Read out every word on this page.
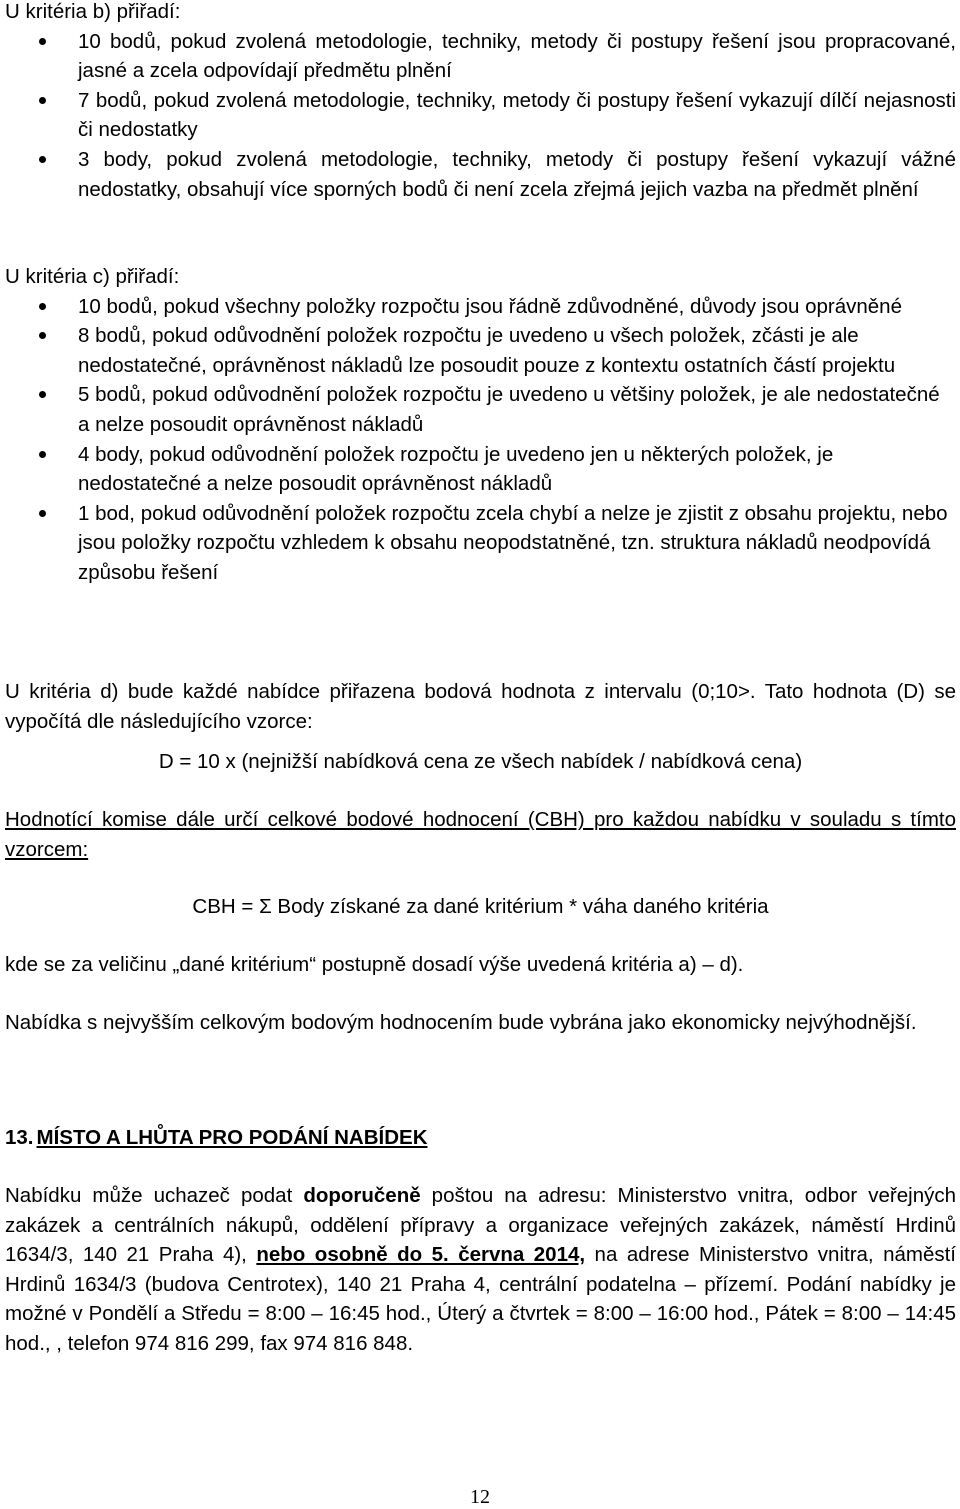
U kritéria b) přiřadí:

10 bodů, pokud zvolená metodologie, techniky, metody či postupy řešení jsou propracované, jasné a zcela odpovídají předmětu plnění
7 bodů, pokud zvolená metodologie, techniky, metody či postupy řešení vykazují dílčí nejasnosti či nedostatky
3 body, pokud zvolená metodologie, techniky, metody či postupy řešení vykazují vážné nedostatky, obsahují více sporných bodů či není zcela zřejmá jejich vazba na předmět plnění

U kritéria c) přiřadí:

10 bodů, pokud všechny položky rozpočtu jsou řádně zdůvodněné, důvody jsou oprávněné
8 bodů, pokud odůvodnění položek rozpočtu je uvedeno u všech položek, zčásti je ale nedostatečné, oprávněnost nákladů lze posoudit pouze z kontextu ostatních částí projektu
5 bodů, pokud odůvodnění položek rozpočtu je uvedeno u většiny položek, je ale nedostatečné a nelze posoudit oprávněnost nákladů
4 body, pokud odůvodnění položek rozpočtu je uvedeno jen u některých položek, je nedostatečné a nelze posoudit oprávněnost nákladů
1 bod, pokud odůvodnění položek rozpočtu zcela chybí a nelze je zjistit z obsahu projektu, nebo jsou položky rozpočtu vzhledem k obsahu neopodstatněné, tzn. struktura nákladů neodpovídá způsobu řešení

U kritéria d) bude každé nabídce přiřazena bodová hodnota z intervalu (0;10>. Tato hodnota (D) se vypočítá dle následujícího vzorce:

D = 10 x (nejnižší nabídková cena ze všech nabídek / nabídková cena)

Hodnotící komise dále určí celkové bodové hodnocení (CBH) pro každou nabídku v souladu s tímto vzorcem:

CBH = Σ Body získané za dané kritérium * váha daného kritéria

kde se za veličinu „dané kritérium“ postupně dosadí výše uvedená kritéria a) – d).

Nabídka s nejvyšším celkovým bodovým hodnocením bude vybrána jako ekonomicky nejvýhodnější.

13. MÍSTO A LHŮTA PRO PODÁNÍ NABÍDEK

Nabídku může uchazeč podat doporučeně poštou na adresu: Ministerstvo vnitra, odbor veřejných zakázek a centrálních nákupů, oddělení přípravy a organizace veřejných zakázek, náměstí Hrdinů 1634/3, 140 21 Praha 4), nebo osobně do 5. června 2014, na adrese Ministerstvo vnitra, náměstí Hrdinů 1634/3 (budova Centrotex), 140 21 Praha 4, centrální podatelna – přízemí. Podání nabídky je možné v Pondělí a Středu = 8:00 – 16:45 hod., Úterý a čtvrtek = 8:00 – 16:00 hod., Pátek = 8:00 – 14:45 hod., , telefon 974 816 299, fax 974 816 848.

12
